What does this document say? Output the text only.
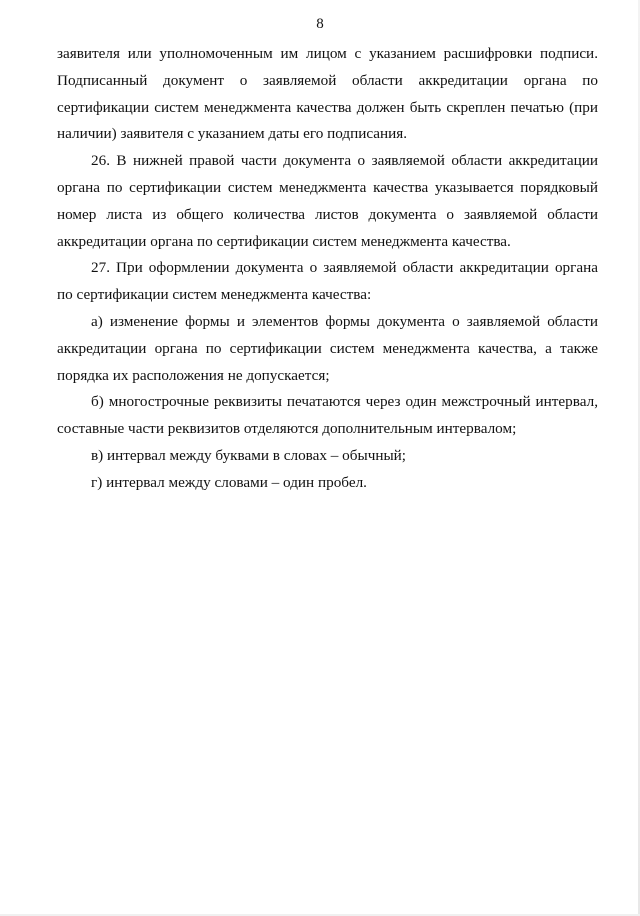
8

заявителя или уполномоченным им лицом с указанием расшифровки подписи. Подписанный документ о заявляемой области аккредитации органа по сертификации систем менеджмента качества должен быть скреплен печатью (при наличии) заявителя с указанием даты его подписания.

26. В нижней правой части документа о заявляемой области аккредитации органа по сертификации систем менеджмента качества указывается порядковый номер листа из общего количества листов документа о заявляемой области аккредитации органа по сертификации систем менеджмента качества.

27. При оформлении документа о заявляемой области аккредитации органа по сертификации систем менеджмента качества:

а) изменение формы и элементов формы документа о заявляемой области аккредитации органа по сертификации систем менеджмента качества, а также порядка их расположения не допускается;

б) многострочные реквизиты печатаются через один межстрочный интервал, составные части реквизитов отделяются дополнительным интервалом;

в) интервал между буквами в словах – обычный;

г) интервал между словами – один пробел.
